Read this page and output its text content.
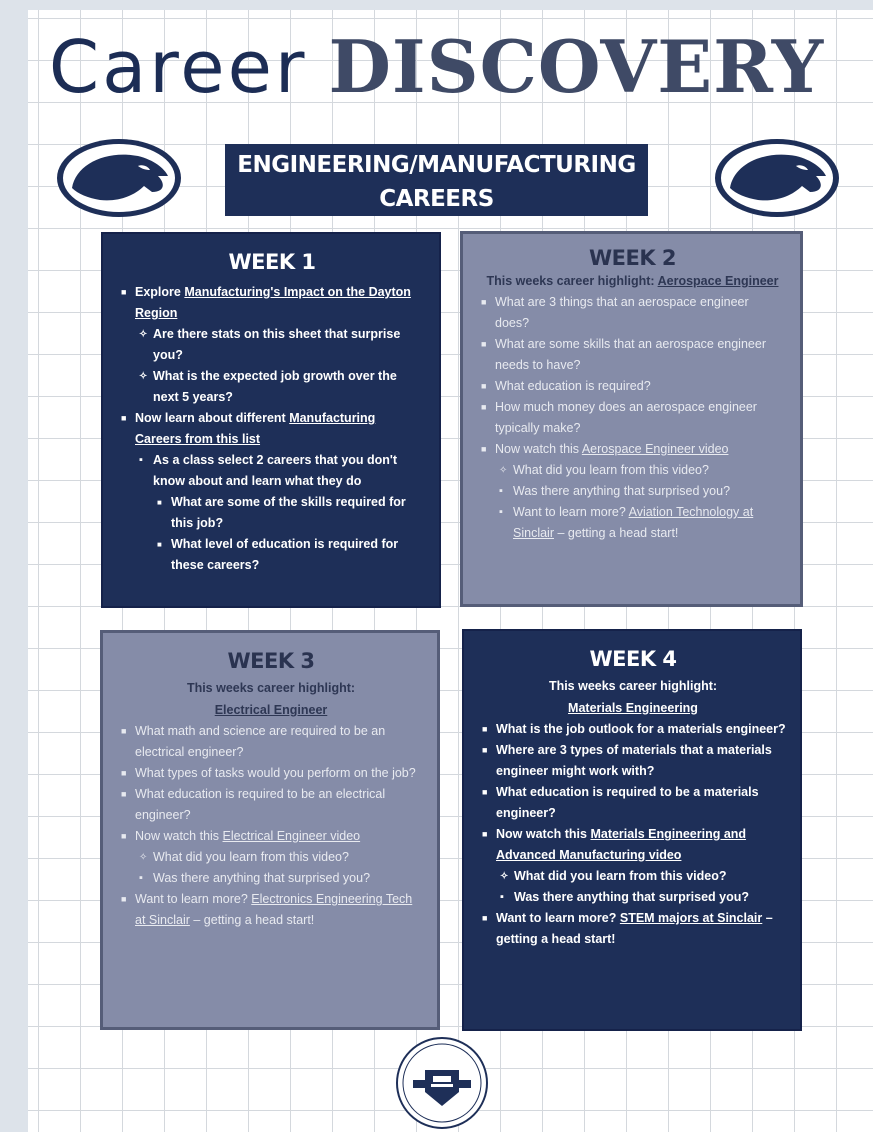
Career DISCOVERY
ENGINEERING/MANUFACTURING
CAREERS
WEEK 1
■ Explore Manufacturing's Impact on the Dayton Region
✧ Are there stats on this sheet that surprise you?
✧ What is the expected job growth over the next 5 years?
■ Now learn about different Manufacturing Careers from this list
▪ As a class select 2 careers that you don't know about and learn what they do
■ What are some of the skills required for this job?
■ What level of education is required for these careers?
WEEK 2
This weeks career highlight: Aerospace Engineer
■ What are 3 things that an aerospace engineer does?
■ What are some skills that an aerospace engineer needs to have?
■ What education is required?
■ How much money does an aerospace engineer typically make?
■ Now watch this Aerospace Engineer video
✧ What did you learn from this video?
▪ Was there anything that surprised you?
▪ Want to learn more? Aviation Technology at Sinclair – getting a head start!
WEEK 3
This weeks career highlight:
Electrical Engineer
■ What math and science are required to be an electrical engineer?
■ What types of tasks would you perform on the job?
■ What education is required to be an electrical engineer?
■ Now watch this Electrical Engineer video
✧ What did you learn from this video?
▪ Was there anything that surprised you?
■ Want to learn more? Electronics Engineering Tech at Sinclair – getting a head start!
WEEK 4
This weeks career highlight:
Materials Engineering
■ What is the job outlook for a materials engineer?
■ Where are 3 types of materials that a materials engineer might work with?
■ What education is required to be a materials engineer?
■ Now watch this Materials Engineering and Advanced Manufacturing video
✧ What did you learn from this video?
▪ Was there anything that surprised you?
■ Want to learn more? STEM majors at Sinclair – getting a head start!
